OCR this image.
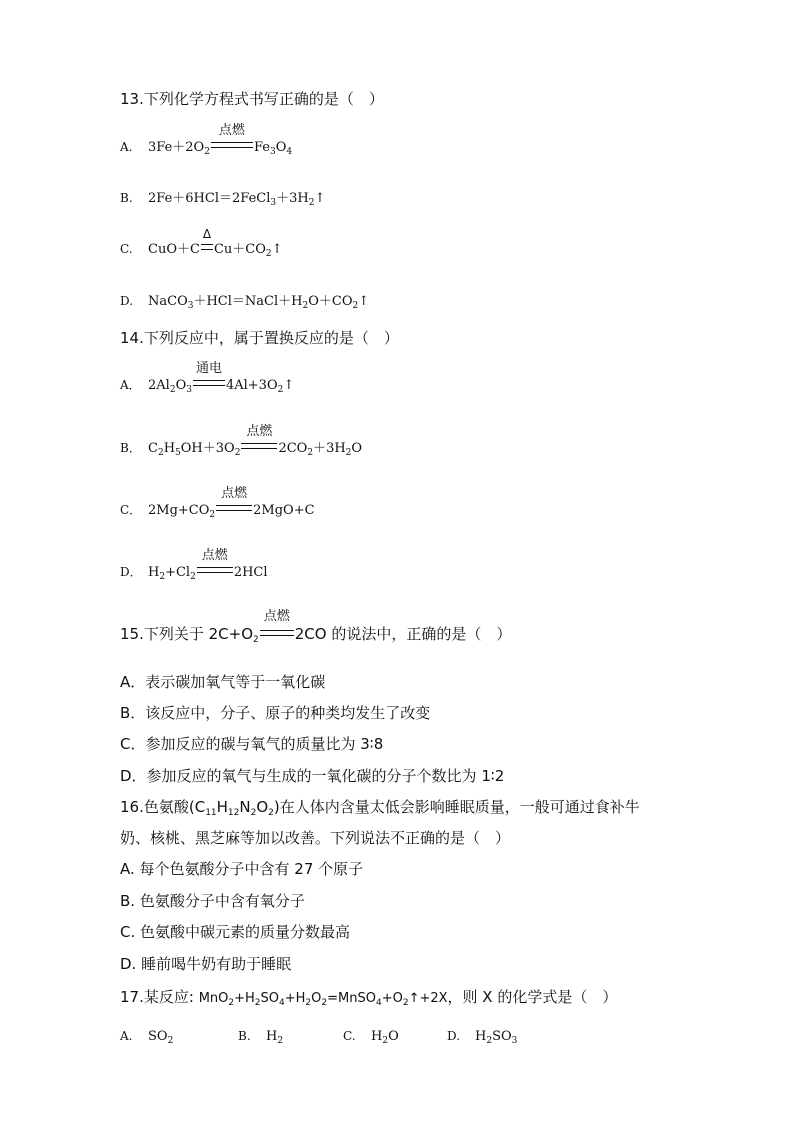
13.下列化学方程式书写正确的是（　）
A. $3Fe+2O_2$
点燃
$Fe_3O_4$
B. $2Fe+6HCl=2FeCl_3+3H_2↑$
C. CuO＋C
Δ
$Cu+CO_2↑$
D. $NaCO_3+HCl=NaCl+H_2O+CO_2↑$
14.下列反应中，属于置换反应的是（　）
A． $2Al_2O_3$
通电
$4Al+3O_2↑$
B． $C_2H_5OH+3O_2$
点燃
$2CO_2+3H_2O$
C． $2Mg+CO_2$
点燃
2MgO+C
D． $H_2+Cl_2$
点燃
2HCl
15.下列关于 $2C+O_2$
点燃
2CO 的说法中，正确的是（　）
A．表示碳加氧气等于一氧化碳
B．该反应中，分子、原子的种类均发生了改变
C．参加反应的碳与氧气的质量比为 3∶8
D．参加反应的氧气与生成的一氧化碳的分子个数比为 1∶2
16.色氨酸$(C_{11}H_{12}N_2O_2)$在人体内含量太低会影响睡眠质量，一般可通过食补牛
奶、核桃、黑芝麻等加以改善。下列说法不正确的是（　）
A. 每个色氨酸分子中含有 27 个原子
B. 色氨酸分子中含有氧分子
C. 色氨酸中碳元素的质量分数最高
D. 睡前喝牛奶有助于睡眠
17.某反应: $MnO_2+H_2SO_4+H_2O_2=MnSO_4+O_2↑+2X$，则 X 的化学式是（　）
A. $SO_2$	B. $H_2$	C. $H_2O$	D. $H_2SO_3$
